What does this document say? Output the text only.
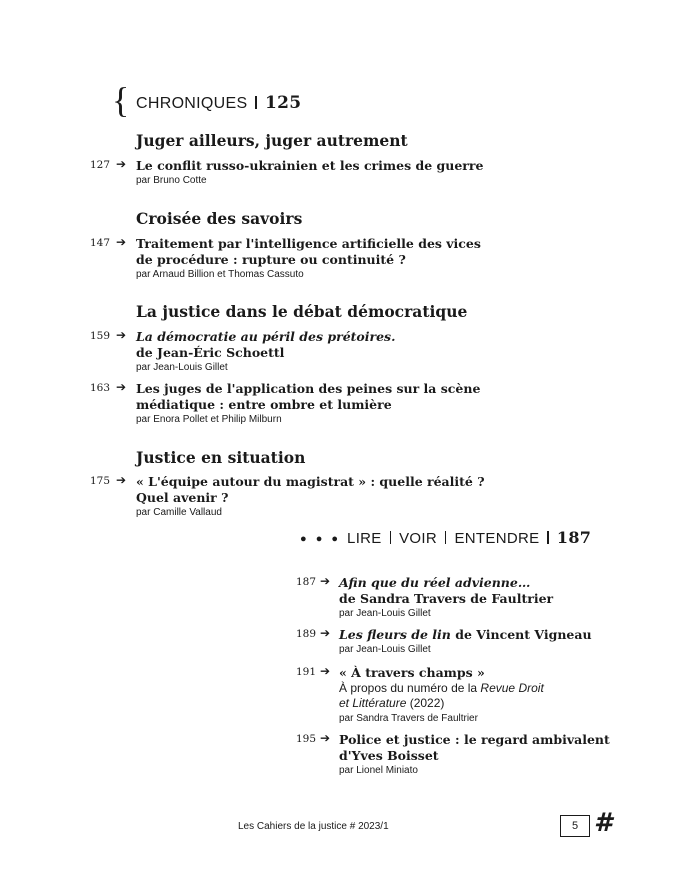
{ CHRONIQUES 125
Juger ailleurs, juger autrement
127 ➔ Le conflit russo-ukrainien et les crimes de guerre
par Bruno Cotte
Croisée des savoirs
147 ➔ Traitement par l'intelligence artificielle des vices
de procédure : rupture ou continuité ?
par Arnaud Billion et Thomas Cassuto
La justice dans le débat démocratique
159 ➔ La démocratie au péril des prétoires.
de Jean-Éric Schoettl
par Jean-Louis Gillet
163 ➔ Les juges de l'application des peines sur la scène
médiatique : entre ombre et lumière
par Enora Pollet et Philip Milburn
Justice en situation
175 ➔ « L'équipe autour du magistrat » : quelle réalité ?
Quel avenir ?
par Camille Vallaud
● ● ● LIRE VOIR ENTENDRE 187
187 ➔ Afin que du réel advienne…
de Sandra Travers de Faultrier
par Jean-Louis Gillet
189 ➔ Les fleurs de lin de Vincent Vigneau
par Jean-Louis Gillet
191 ➔ « À travers champs »
À propos du numéro de la Revue Droit
et Littérature (2022)
par Sandra Travers de Faultrier
195 ➔ Police et justice : le regard ambivalent
d'Yves Boisset
par Lionel Miniato
Les Cahiers de la justice # 2023/1	5 #
